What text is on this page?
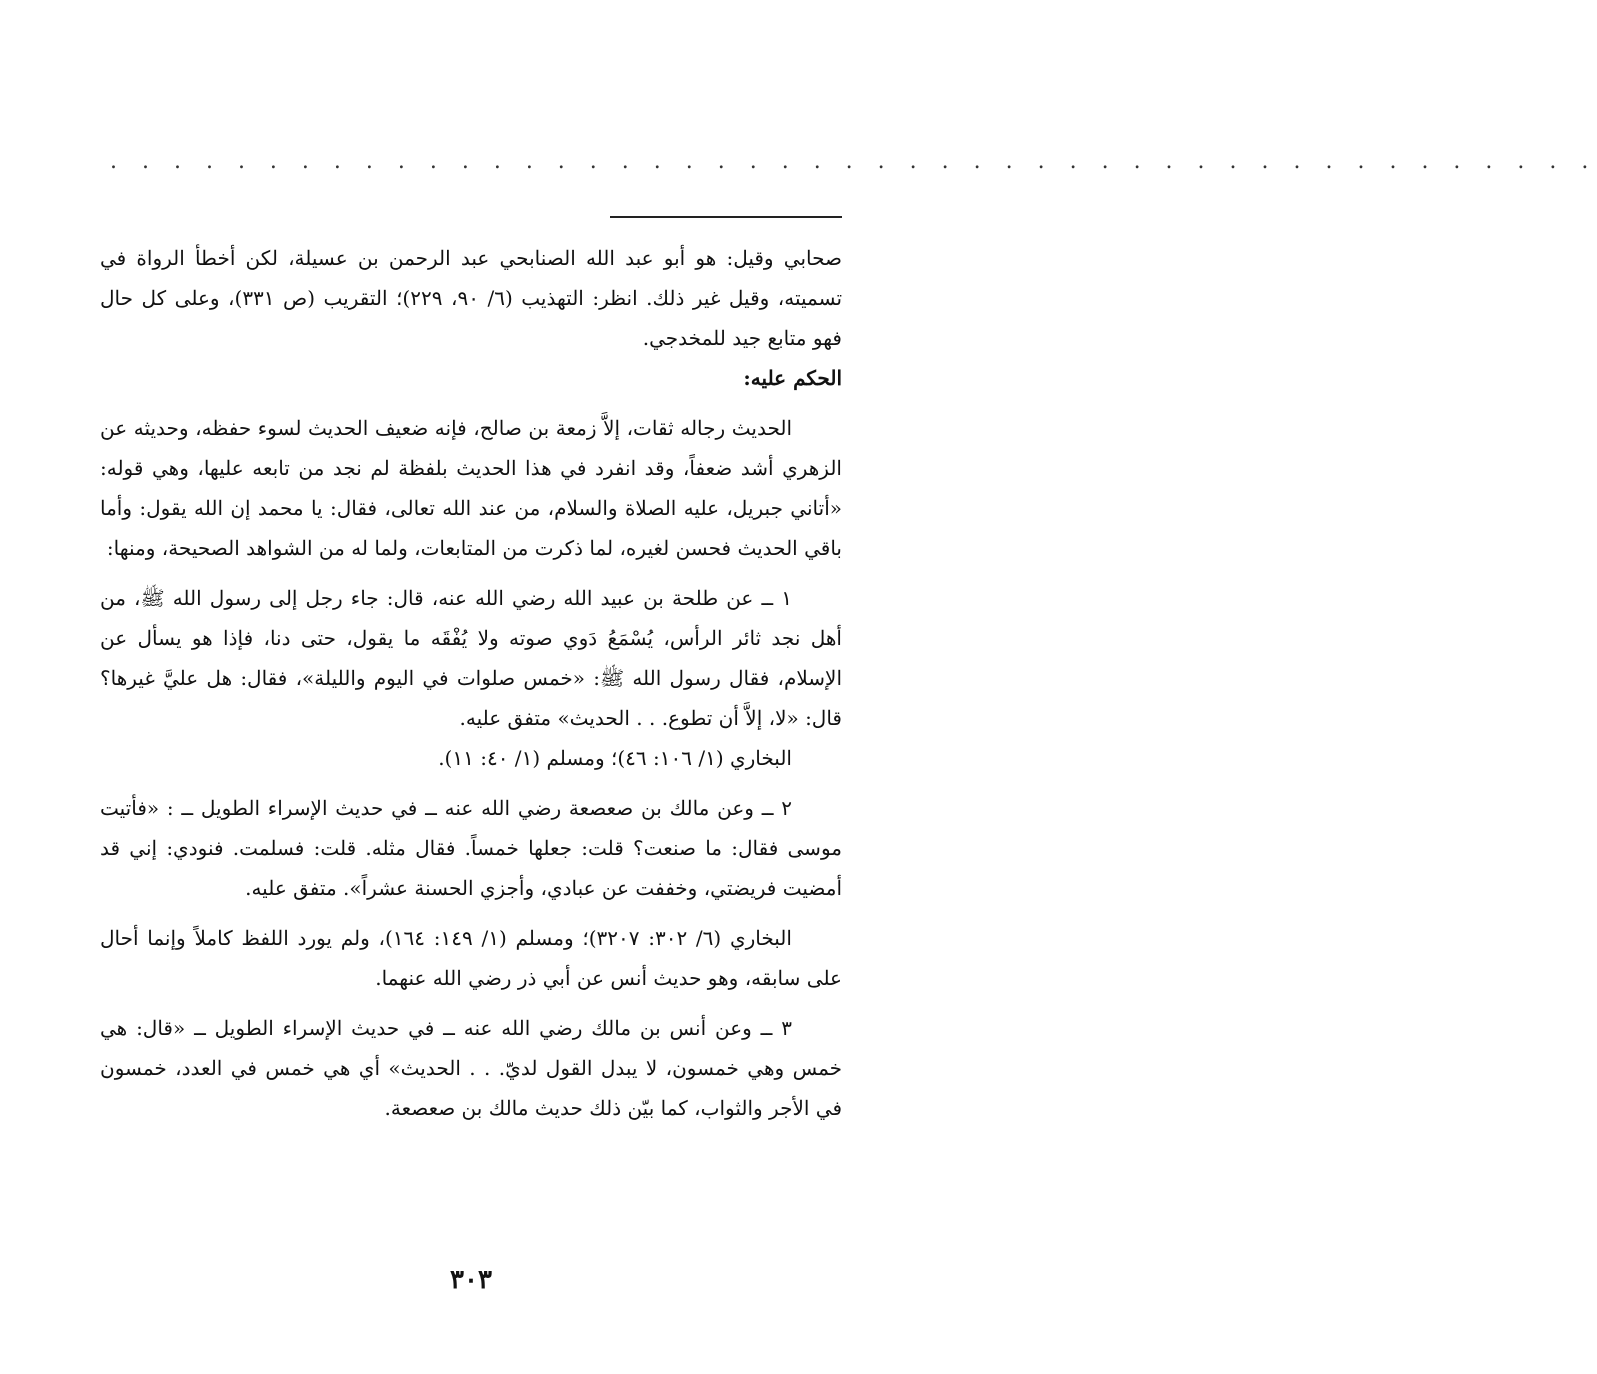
. . . . . . . . . . . . . . . . . . . . . . . . . . . . . . . . . . . . . . . . . . . . . . .

صحابي وقيل: هو أبو عبد الله الصنابحي عبد الرحمن بن عسيلة، لكن أخطأ الرواة في تسميته، وقيل غير ذلك. انظر: التهذيب (٦/ ٩٠، ٢٢٩)؛ التقريب (ص ٣٣١)، وعلى كل حال فهو متابع جيد للمخدجي.

الحكم عليه:

الحديث رجاله ثقات، إلاَّ زمعة بن صالح، فإنه ضعيف الحديث لسوء حفظه، وحديثه عن الزهري أشد ضعفاً، وقد انفرد في هذا الحديث بلفظة لم نجد من تابعه عليها، وهي قوله: «أتاني جبريل، عليه الصلاة والسلام، من عند الله تعالى، فقال: يا محمد إن الله يقول: وأما باقي الحديث فحسن لغيره، لما ذكرت من المتابعات، ولما له من الشواهد الصحيحة، ومنها:

١ ــ عن طلحة بن عبيد الله رضي الله عنه، قال: جاء رجل إلى رسول الله ﷺ، من أهل نجد ثائر الرأس، يُسْمَعُ دَوي صوته ولا يُفْقَه ما يقول، حتى دنا، فإذا هو يسأل عن الإسلام، فقال رسول الله ﷺ: «خمس صلوات في اليوم والليلة»، فقال: هل عليَّ غيرها؟ قال: «لا، إلاَّ أن تطوع. . . الحديث» متفق عليه.

البخاري (١/ ١٠٦: ٤٦)؛ ومسلم (١/ ٤٠: ١١).

٢ ــ وعن مالك بن صعصعة رضي الله عنه ــ في حديث الإسراء الطويل ــ : «فأتيت موسى فقال: ما صنعت؟ قلت: جعلها خمساً. فقال مثله. قلت: فسلمت. فنودي: إني قد أمضيت فريضتي، وخففت عن عبادي، وأجزي الحسنة عشراً». متفق عليه.

البخاري (٦/ ٣٠٢: ٣٢٠٧)؛ ومسلم (١/ ١٤٩: ١٦٤)، ولم يورد اللفظ كاملاً وإنما أحال على سابقه، وهو حديث أنس عن أبي ذر رضي الله عنهما.

٣ ــ وعن أنس بن مالك رضي الله عنه ــ في حديث الإسراء الطويل ــ «قال: هي خمس وهي خمسون، لا يبدل القول لديّ. . . الحديث» أي هي خمس في العدد، خمسون في الأجر والثواب، كما بيّن ذلك حديث مالك بن صعصعة.

٣٠٣
